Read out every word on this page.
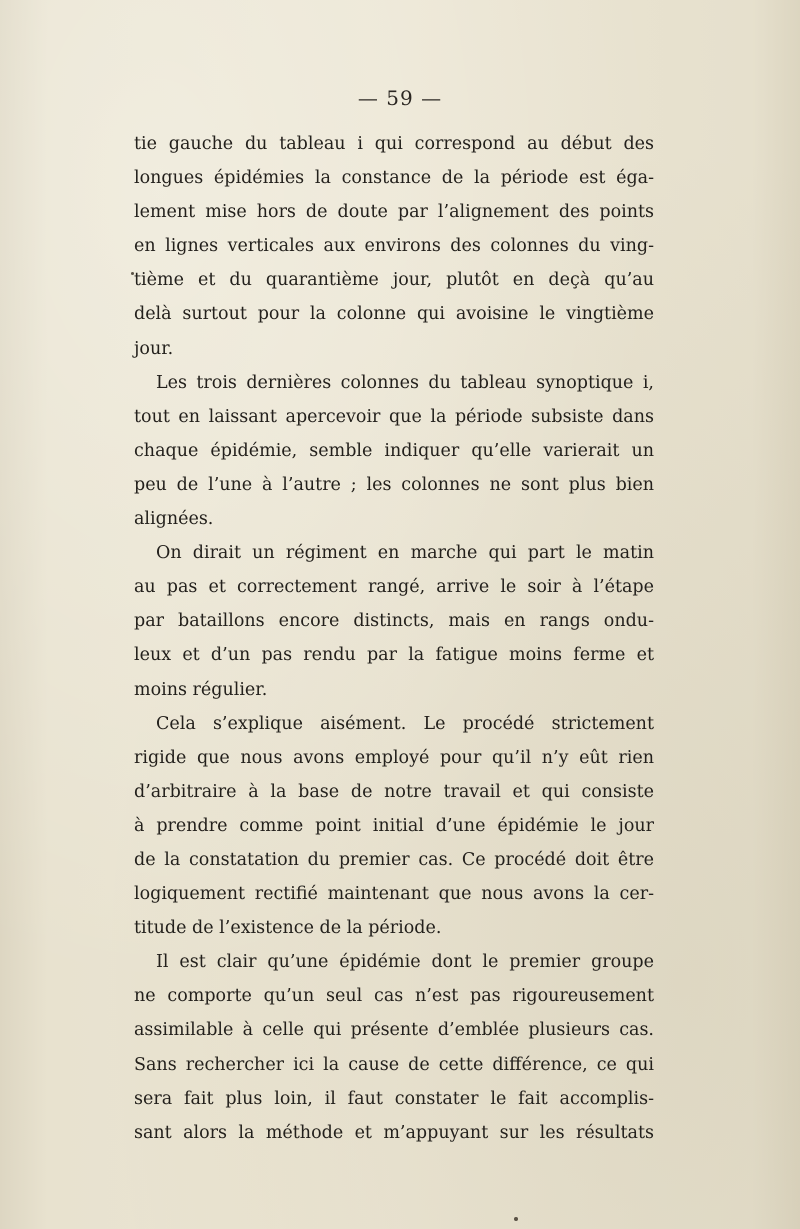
— 59 —
tie gauche du tableau i qui correspond au début des
longues épidémies la constance de la période est éga-
lement mise hors de doute par l’alignement des points
en lignes verticales aux environs des colonnes du ving-
tième et du quarantième jour, plutôt en deçà qu’au
delà surtout pour la colonne qui avoisine le vingtième
jour.
Les trois dernières colonnes du tableau synoptique i,
tout en laissant apercevoir que la période subsiste dans
chaque épidémie, semble indiquer qu’elle varierait un
peu de l’une à l’autre ; les colonnes ne sont plus bien
alignées.
On dirait un régiment en marche qui part le matin
au pas et correctement rangé, arrive le soir à l’étape
par bataillons encore distincts, mais en rangs ondu-
leux et d’un pas rendu par la fatigue moins ferme et
moins régulier.
Cela s’explique aisément. Le procédé strictement
rigide que nous avons employé pour qu’il n’y eût rien
d’arbitraire à la base de notre travail et qui consiste
à prendre comme point initial d’une épidémie le jour
de la constatation du premier cas. Ce procédé doit être
logiquement rectifié maintenant que nous avons la cer-
titude de l’existence de la période.
Il est clair qu’une épidémie dont le premier groupe
ne comporte qu’un seul cas n’est pas rigoureusement
assimilable à celle qui présente d’emblée plusieurs cas.
Sans rechercher ici la cause de cette différence, ce qui
sera fait plus loin, il faut constater le fait accomplis-
sant alors la méthode et m’appuyant sur les résultats
